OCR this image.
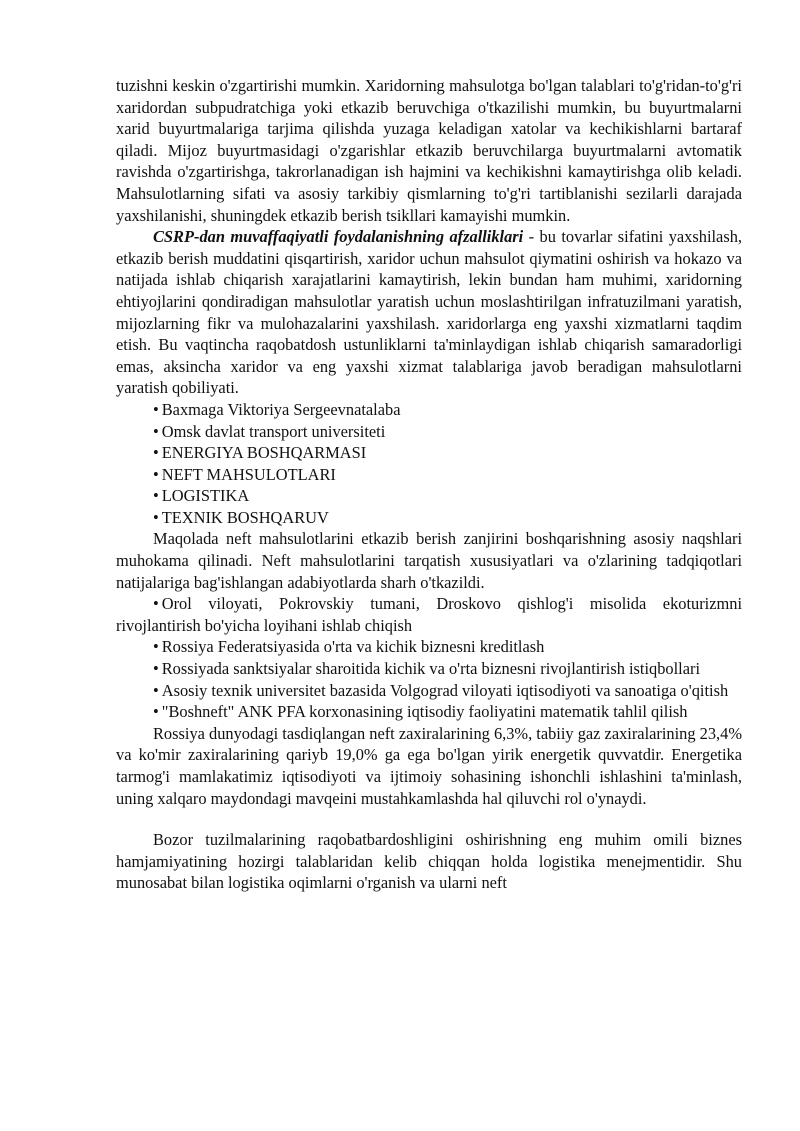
tuzishni keskin o'zgartirishi mumkin. Xaridorning mahsulotga bo'lgan talablari to'g'ridan-to'g'ri xaridordan subpudratchiga yoki etkazib beruvchiga o'tkazilishi mumkin, bu buyurtmalarni xarid buyurtmalariga tarjima qilishda yuzaga keladigan xatolar va kechikishlarni bartaraf qiladi. Mijoz buyurtmasidagi o'zgarishlar etkazib beruvchilarga buyurtmalarni avtomatik ravishda o'zgartirishga, takrorlanadigan ish hajmini va kechikishni kamaytirishga olib keladi. Mahsulotlarning sifati va asosiy tarkibiy qismlarning to'g'ri tartiblanishi sezilarli darajada yaxshilanishi, shuningdek etkazib berish tsikllari kamayishi mumkin.

CSRP-dan muvaffaqiyatli foydalanishning afzalliklari - bu tovarlar sifatini yaxshilash, etkazib berish muddatini qisqartirish, xaridor uchun mahsulot qiymatini oshirish va hokazo va natijada ishlab chiqarish xarajatlarini kamaytirish, lekin bundan ham muhimi, xaridorning ehtiyojlarini qondiradigan mahsulotlar yaratish uchun moslashtirilgan infratuzilmani yaratish, mijozlarning fikr va mulohazalarini yaxshilash. xaridorlarga eng yaxshi xizmatlarni taqdim etish. Bu vaqtincha raqobatdosh ustunliklarni ta'minlaydigan ishlab chiqarish samaradorligi emas, aksincha xaridor va eng yaxshi xizmat talablariga javob beradigan mahsulotlarni yaratish qobiliyati.

• Baxmaga Viktoriya Sergeevnatalaba

• Omsk davlat transport universiteti

• ENERGIYA BOSHQARMASI

• NEFT MAHSULOTLARI

• LOGISTIKA

• TEXNIK BOSHQARUV

Maqolada neft mahsulotlarini etkazib berish zanjirini boshqarishning asosiy naqshlari muhokama qilinadi. Neft mahsulotlarini tarqatish xususiyatlari va o'zlarining tadqiqotlari natijalariga bag'ishlangan adabiyotlarda sharh o'tkazildi.

• Orol viloyati, Pokrovskiy tumani, Droskovo qishlog'i misolida ekoturizmni rivojlantirish bo'yicha loyihani ishlab chiqish

• Rossiya Federatsiyasida o'rta va kichik biznesni kreditlash

• Rossiyada sanktsiyalar sharoitida kichik va o'rta biznesni rivojlantirish istiqbollari

• Asosiy texnik universitet bazasida Volgograd viloyati iqtisodiyoti va sanoatiga o'qitish

• "Boshneft" ANK PFA korxonasining iqtisodiy faoliyatini matematik tahlil qilish

Rossiya dunyodagi tasdiqlangan neft zaxiralarining 6,3%, tabiiy gaz zaxiralarining 23,4% va ko'mir zaxiralarining qariyb 19,0% ga ega bo'lgan yirik energetik quvvatdir. Energetika tarmog'i mamlakatimiz iqtisodiyoti va ijtimoiy sohasining ishonchli ishlashini ta'minlash, uning xalqaro maydondagi mavqeini mustahkamlashda hal qiluvchi rol o'ynaydi.

Bozor tuzilmalarining raqobatbardoshligini oshirishning eng muhim omili biznes hamjamiyatining hozirgi talablaridan kelib chiqqan holda logistika menejmentidir. Shu munosabat bilan logistika oqimlarni o'rganish va ularni neft
